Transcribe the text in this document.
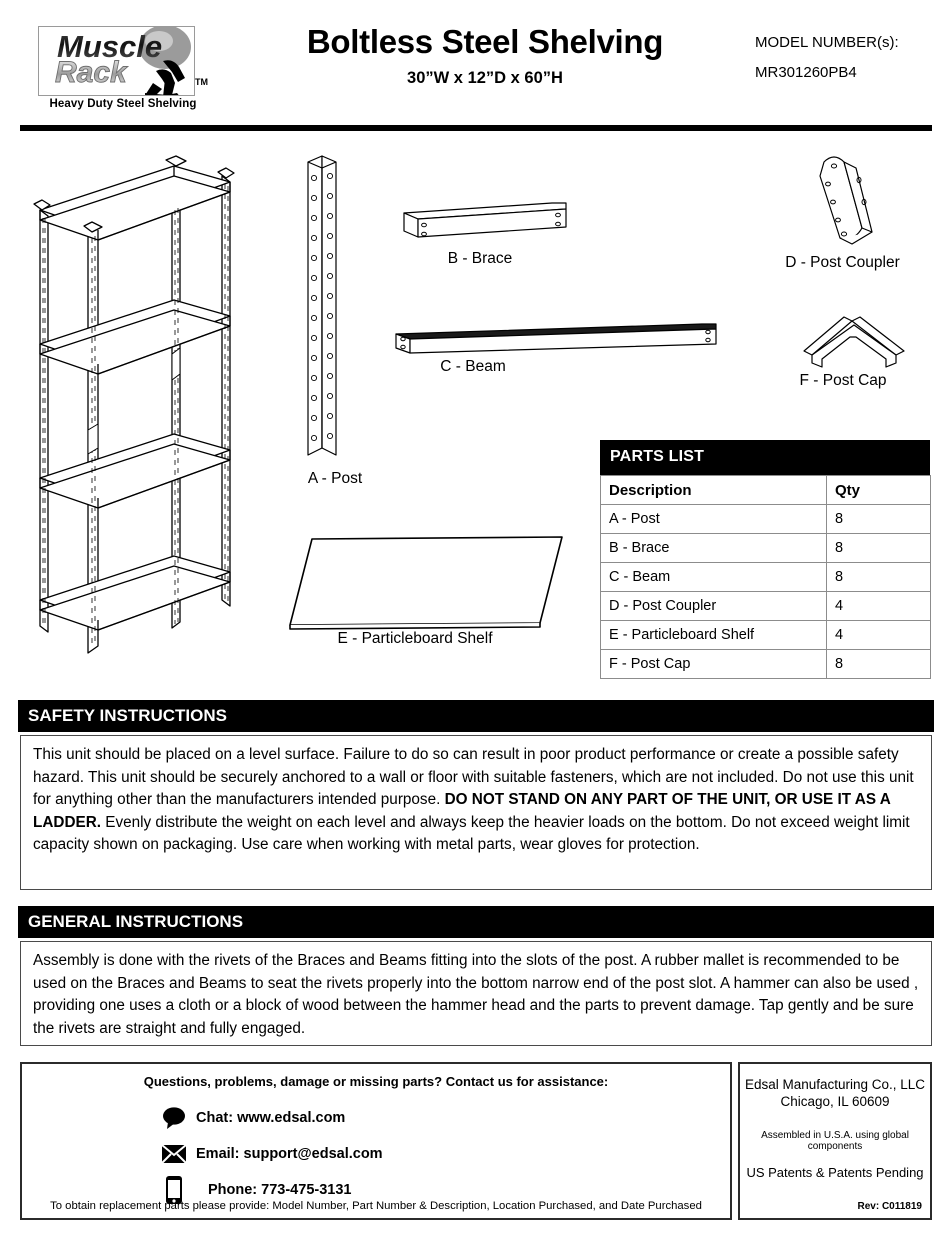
Muscle
Rack	TM
Heavy Duty Steel Shelving
Boltless Steel Shelving
30”W x 12”D x 60”H
MODEL NUMBER(s):
MR301260PB4
A - Post
B - Brace
C - Beam
D - Post Coupler
F - Post Cap
E - Particleboard Shelf
PARTS LIST
Description	Qty
A - Post	8
B - Brace	8
C - Beam	8
D - Post Coupler	4
E - Particleboard Shelf	4
F - Post Cap	8
SAFETY INSTRUCTIONS
This unit should be placed on a level surface. Failure to do so can result in poor product performance or create a possible safety hazard. This unit should be securely anchored to a wall or floor with suitable fasteners, which are not included. Do not use this unit for anything other than the manufacturers intended purpose. DO NOT STAND ON ANY PART OF THE UNIT, OR USE IT AS A LADDER. Evenly distribute the weight on each level and always keep the heavier loads on the bottom. Do not exceed weight limit capacity shown on packaging. Use care when working with metal parts, wear gloves for protection.
GENERAL INSTRUCTIONS
Assembly is done with the rivets of the Braces and Beams fitting into the slots of the post. A rubber mallet is recommended to be used on the Braces and Beams to seat the rivets properly into the bottom narrow end of the post slot. A hammer can also be used , providing one uses a cloth or a block of wood between the hammer head and the parts to prevent damage. Tap gently and be sure the rivets are straight and fully engaged.
Questions, problems, damage or missing parts? Contact us for assistance:
Chat: www.edsal.com
Email: support@edsal.com
Phone: 773-475-3131
To obtain replacement parts please provide: Model Number, Part Number & Description, Location Purchased, and Date Purchased
Edsal Manufacturing Co., LLC
Chicago, IL 60609
Assembled in U.S.A. using global components
US Patents & Patents Pending
Rev: C011819
